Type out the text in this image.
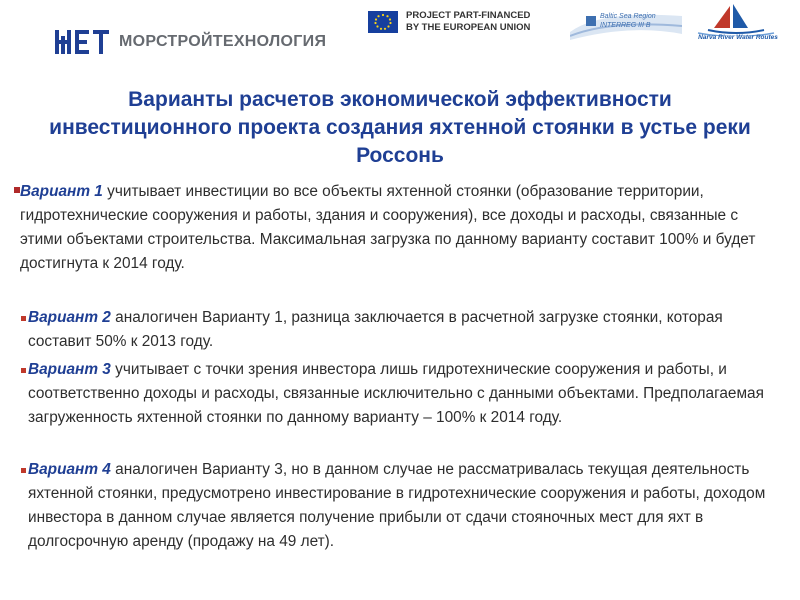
МОРСТРОЙТЕХНОЛОГИЯ
PROJECT PART-FINANCED
BY THE EUROPEAN UNION
Baltic Sea Region
INTERREG III B
Narva River Water Routes
Варианты расчетов экономической эффективности инвестиционного проекта создания яхтенной стоянки в устье реки Россонь

Вариант 1 учитывает инвестиции во все объекты яхтенной стоянки (образование территории, гидротехнические сооружения и работы, здания и сооружения), все доходы и расходы, связанные с этими объектами строительства. Максимальная загрузка по данному варианту составит 100% и будет достигнута к 2014 году.

Вариант 2 аналогичен Варианту 1, разница заключается в расчетной загрузке стоянки, которая составит 50% к 2013 году.

Вариант 3 учитывает с точки зрения инвестора лишь гидротехнические сооружения и работы, и соответственно доходы и расходы, связанные исключительно с данными объектами. Предполагаемая загруженность яхтенной стоянки по данному варианту – 100% к 2014 году.

Вариант 4 аналогичен Варианту 3, но в данном случае не рассматривалась текущая деятельность яхтенной стоянки, предусмотрено инвестирование в гидротехнические сооружения и работы, доходом инвестора в данном случае является получение прибыли от сдачи стояночных мест для яхт в долгосрочную аренду (продажу на 49 лет).
